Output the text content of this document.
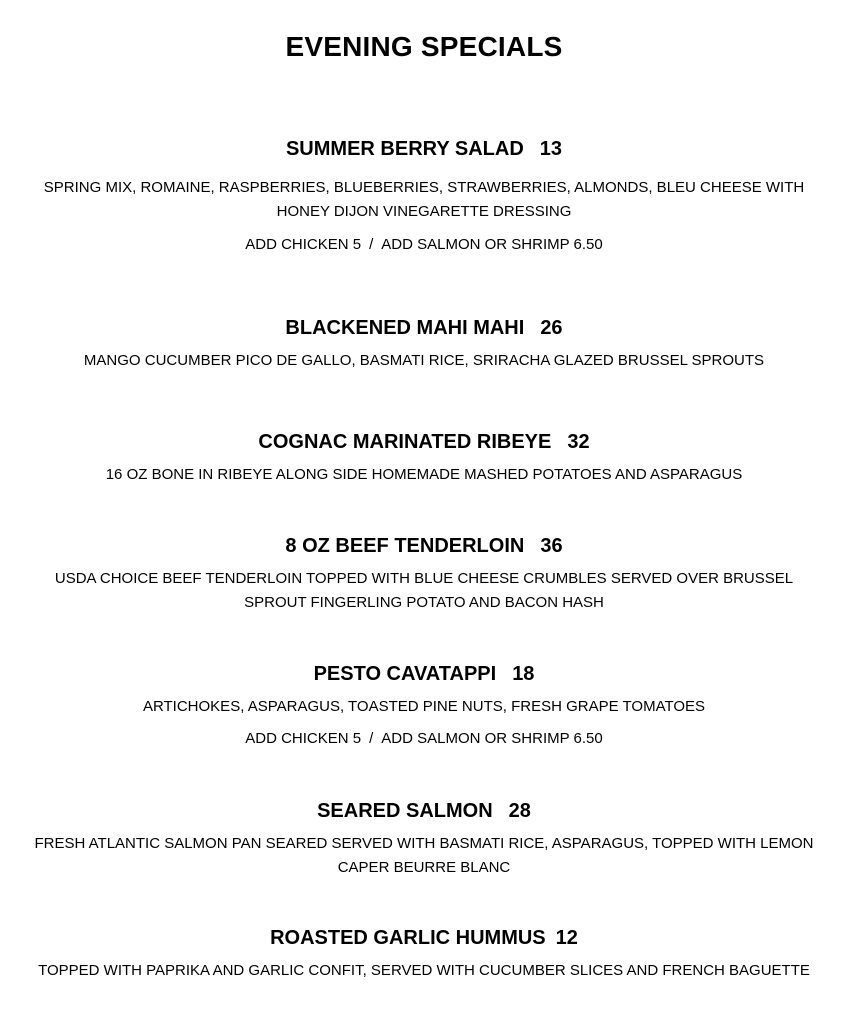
EVENING SPECIALS
SUMMER BERRY SALAD 13
SPRING MIX, ROMAINE, RASPBERRIES, BLUEBERRIES, STRAWBERRIES, ALMONDS, BLEU CHEESE WITH HONEY DIJON VINEGARETTE DRESSING
ADD CHICKEN 5 / ADD SALMON OR SHRIMP 6.50
BLACKENED MAHI MAHI 26
MANGO CUCUMBER PICO DE GALLO, BASMATI RICE, SRIRACHA GLAZED BRUSSEL SPROUTS
COGNAC MARINATED RIBEYE 32
16 OZ BONE IN RIBEYE ALONG SIDE HOMEMADE MASHED POTATOES AND ASPARAGUS
8 OZ BEEF TENDERLOIN 36
USDA CHOICE BEEF TENDERLOIN TOPPED WITH BLUE CHEESE CRUMBLES SERVED OVER BRUSSEL SPROUT FINGERLING POTATO AND BACON HASH
PESTO CAVATAPPI 18
ARTICHOKES, ASPARAGUS, TOASTED PINE NUTS, FRESH GRAPE TOMATOES
ADD CHICKEN 5 / ADD SALMON OR SHRIMP 6.50
SEARED SALMON 28
FRESH ATLANTIC SALMON PAN SEARED SERVED WITH BASMATI RICE, ASPARAGUS, TOPPED WITH LEMON CAPER BEURRE BLANC
ROASTED GARLIC HUMMUS 12
TOPPED WITH PAPRIKA AND GARLIC CONFIT, SERVED WITH CUCUMBER SLICES AND FRENCH BAGUETTE
